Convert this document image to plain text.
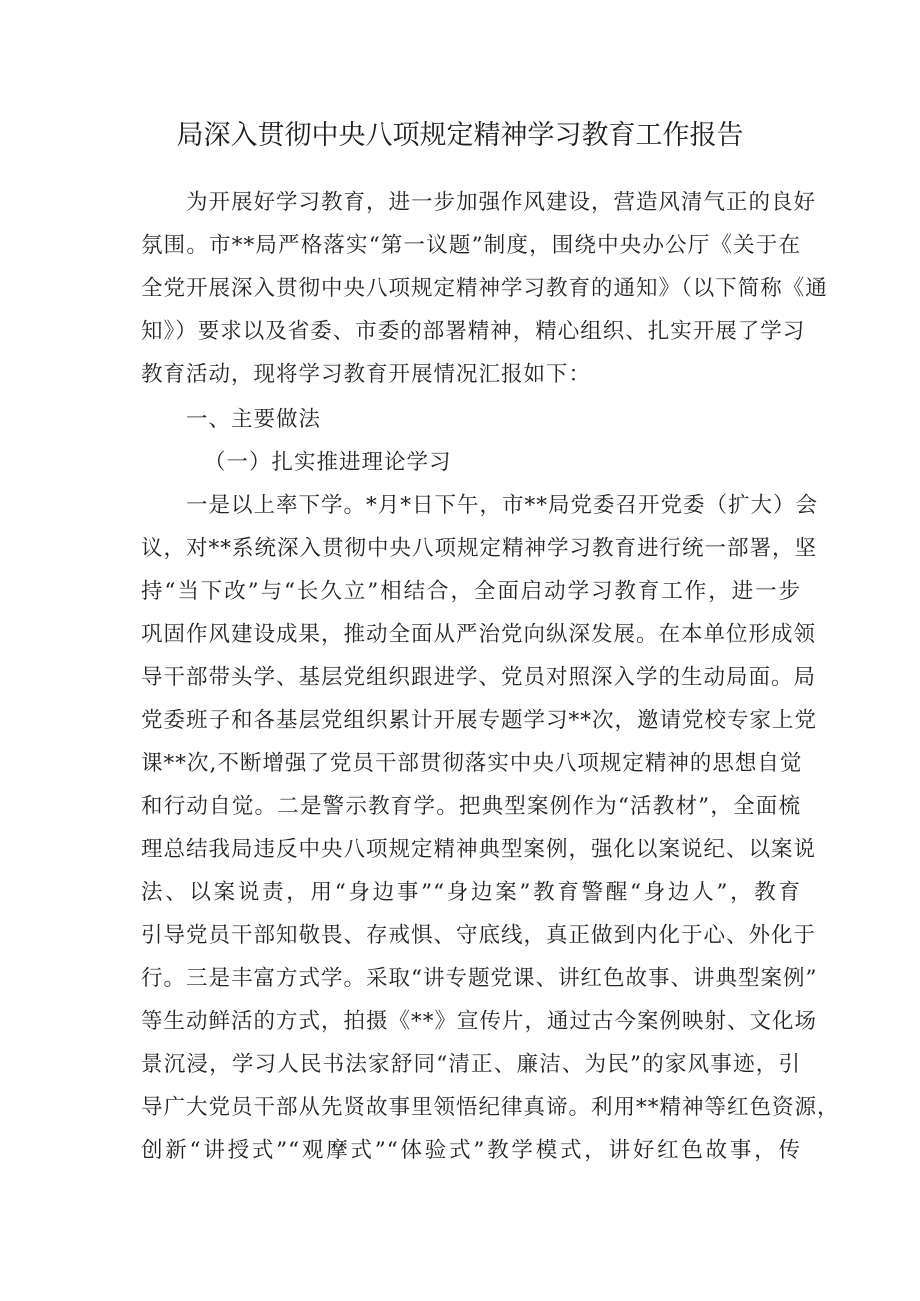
局深入贯彻中央八项规定精神学习教育工作报告
为开展好学习教育，进一步加强作风建设，营造风清气正的良好
氛围。市**局严格落实“第一议题”制度，围绕中央办公厅《关于在
全党开展深入贯彻中央八项规定精神学习教育的通知》（以下简称《通
知》）要求以及省委、市委的部署精神，精心组织、扎实开展了学习
教育活动，现将学习教育开展情况汇报如下：
一、主要做法
（一）扎实推进理论学习
一是以上率下学。*月*日下午，市**局党委召开党委（扩大）会
议，对**系统深入贯彻中央八项规定精神学习教育进行统一部署，坚
持“当下改”与“长久立”相结合，全面启动学习教育工作，进一步
巩固作风建设成果，推动全面从严治党向纵深发展。在本单位形成领
导干部带头学、基层党组织跟进学、党员对照深入学的生动局面。局
党委班子和各基层党组织累计开展专题学习**次，邀请党校专家上党
课**次,不断增强了党员干部贯彻落实中央八项规定精神的思想自觉
和行动自觉。二是警示教育学。把典型案例作为“活教材”，全面梳
理总结我局违反中央八项规定精神典型案例，强化以案说纪、以案说
法、以案说责，用“身边事”“身边案”教育警醒“身边人”，教育
引导党员干部知敬畏、存戒惧、守底线，真正做到内化于心、外化于
行。三是丰富方式学。采取“讲专题党课、讲红色故事、讲典型案例”
等生动鲜活的方式，拍摄《**》宣传片，通过古今案例映射、文化场
景沉浸，学习人民书法家舒同“清正、廉洁、为民”的家风事迹，引
导广大党员干部从先贤故事里领悟纪律真谛。利用**精神等红色资源，
创新“讲授式”“观摩式”“体验式”教学模式，讲好红色故事，传
